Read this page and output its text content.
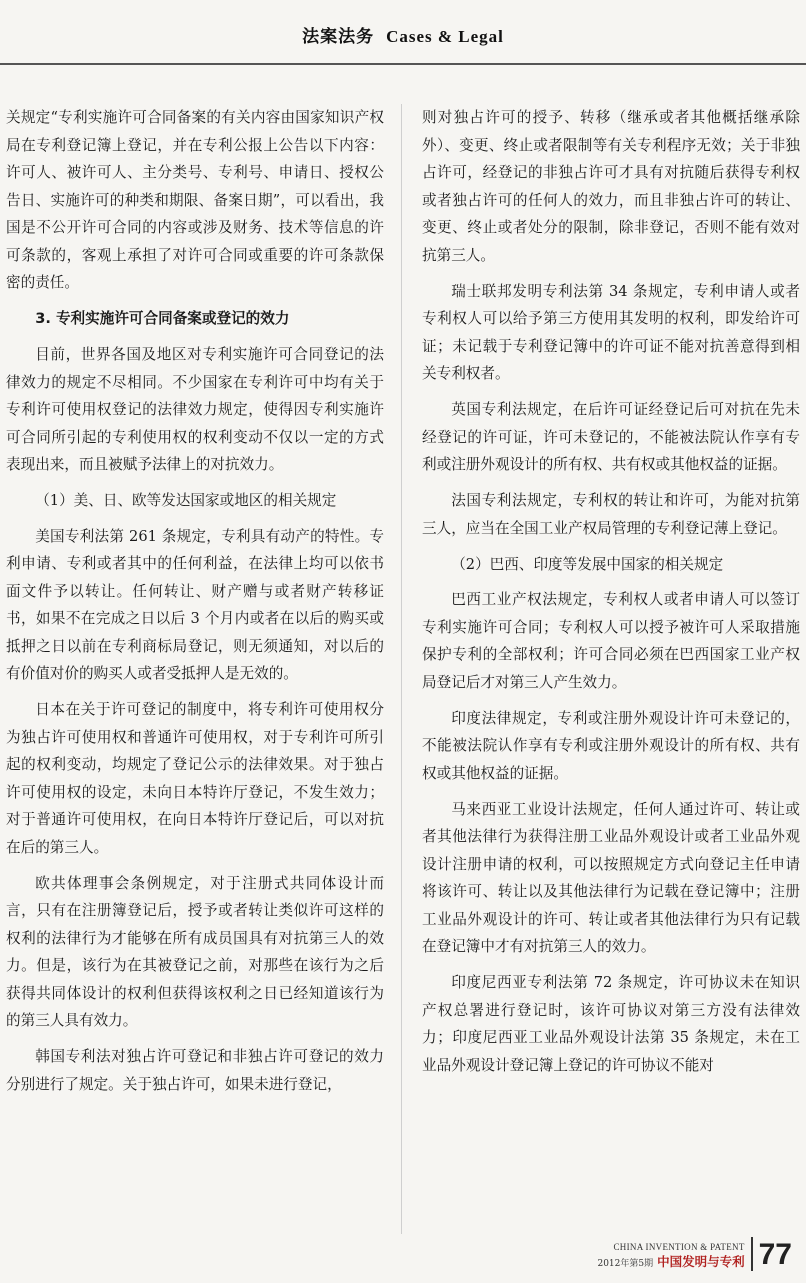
法案法务 Cases & Legal

关规定“专利实施许可合同备案的有关内容由国家知识产权局在专利登记簿上登记，并在专利公报上公告以下内容：许可人、被许可人、主分类号、专利号、申请日、授权公告日、实施许可的种类和期限、备案日期”，可以看出，我国是不公开许可合同的内容或涉及财务、技术等信息的许可条款的，客观上承担了对许可合同或重要的许可条款保密的责任。

3. 专利实施许可合同备案或登记的效力

目前，世界各国及地区对专利实施许可合同登记的法律效力的规定不尽相同。不少国家在专利许可中均有关于专利许可使用权登记的法律效力规定，使得因专利实施许可合同所引起的专利使用权的权利变动不仅以一定的方式表现出来，而且被赋予法律上的对抗效力。

（1）美、日、欧等发达国家或地区的相关规定

美国专利法第 261 条规定，专利具有动产的特性。专利申请、专利或者其中的任何利益，在法律上均可以依书面文件予以转让。任何转让、财产赠与或者财产转移证书，如果不在完成之日以后 3 个月内或者在以后的购买或抵押之日以前在专利商标局登记，则无须通知，对以后的有价值对价的购买人或者受抵押人是无效的。

日本在关于许可登记的制度中，将专利许可使用权分为独占许可使用权和普通许可使用权，对于专利许可所引起的权利变动，均规定了登记公示的法律效果。对于独占许可使用权的设定，未向日本特许厅登记，不发生效力；对于普通许可使用权，在向日本特许厅登记后，可以对抗在后的第三人。

欧共体理事会条例规定，对于注册式共同体设计而言，只有在注册簿登记后，授予或者转让类似许可这样的权利的法律行为才能够在所有成员国具有对抗第三人的效力。但是，该行为在其被登记之前，对那些在该行为之后获得共同体设计的权利但获得该权利之日已经知道该行为的第三人具有效力。

韩国专利法对独占许可登记和非独占许可登记的效力分别进行了规定。关于独占许可，如果未进行登记，

则对独占许可的授予、转移（继承或者其他概括继承除外）、变更、终止或者限制等有关专利程序无效；关于非独占许可，经登记的非独占许可才具有对抗随后获得专利权或者独占许可的任何人的效力，而且非独占许可的转让、变更、终止或者处分的限制，除非登记，否则不能有效对抗第三人。

瑞士联邦发明专利法第 34 条规定，专利申请人或者专利权人可以给予第三方使用其发明的权利，即发给许可证；未记载于专利登记簿中的许可证不能对抗善意得到相关专利权者。

英国专利法规定，在后许可证经登记后可对抗在先未经登记的许可证，许可未登记的，不能被法院认作享有专利或注册外观设计的所有权、共有权或其他权益的证据。

法国专利法规定，专利权的转让和许可，为能对抗第三人，应当在全国工业产权局管理的专利登记薄上登记。

（2）巴西、印度等发展中国家的相关规定

巴西工业产权法规定，专利权人或者申请人可以签订专利实施许可合同；专利权人可以授予被许可人采取措施保护专利的全部权利；许可合同必须在巴西国家工业产权局登记后才对第三人产生效力。

印度法律规定，专利或注册外观设计许可未登记的，不能被法院认作享有专利或注册外观设计的所有权、共有权或其他权益的证据。

马来西亚工业设计法规定，任何人通过许可、转让或者其他法律行为获得注册工业品外观设计或者工业品外观设计注册申请的权利，可以按照规定方式向登记主任申请将该许可、转让以及其他法律行为记载在登记簿中；注册工业品外观设计的许可、转让或者其他法律行为只有记载在登记簿中才有对抗第三人的效力。

印度尼西亚专利法第 72 条规定，许可协议未在知识产权总署进行登记时，该许可协议对第三方没有法律效力；印度尼西亚工业品外观设计法第 35 条规定，未在工业品外观设计登记簿上登记的许可协议不能对

CHINA INVENTION & PATENT
2012年第5期 中国发明与专利 77
